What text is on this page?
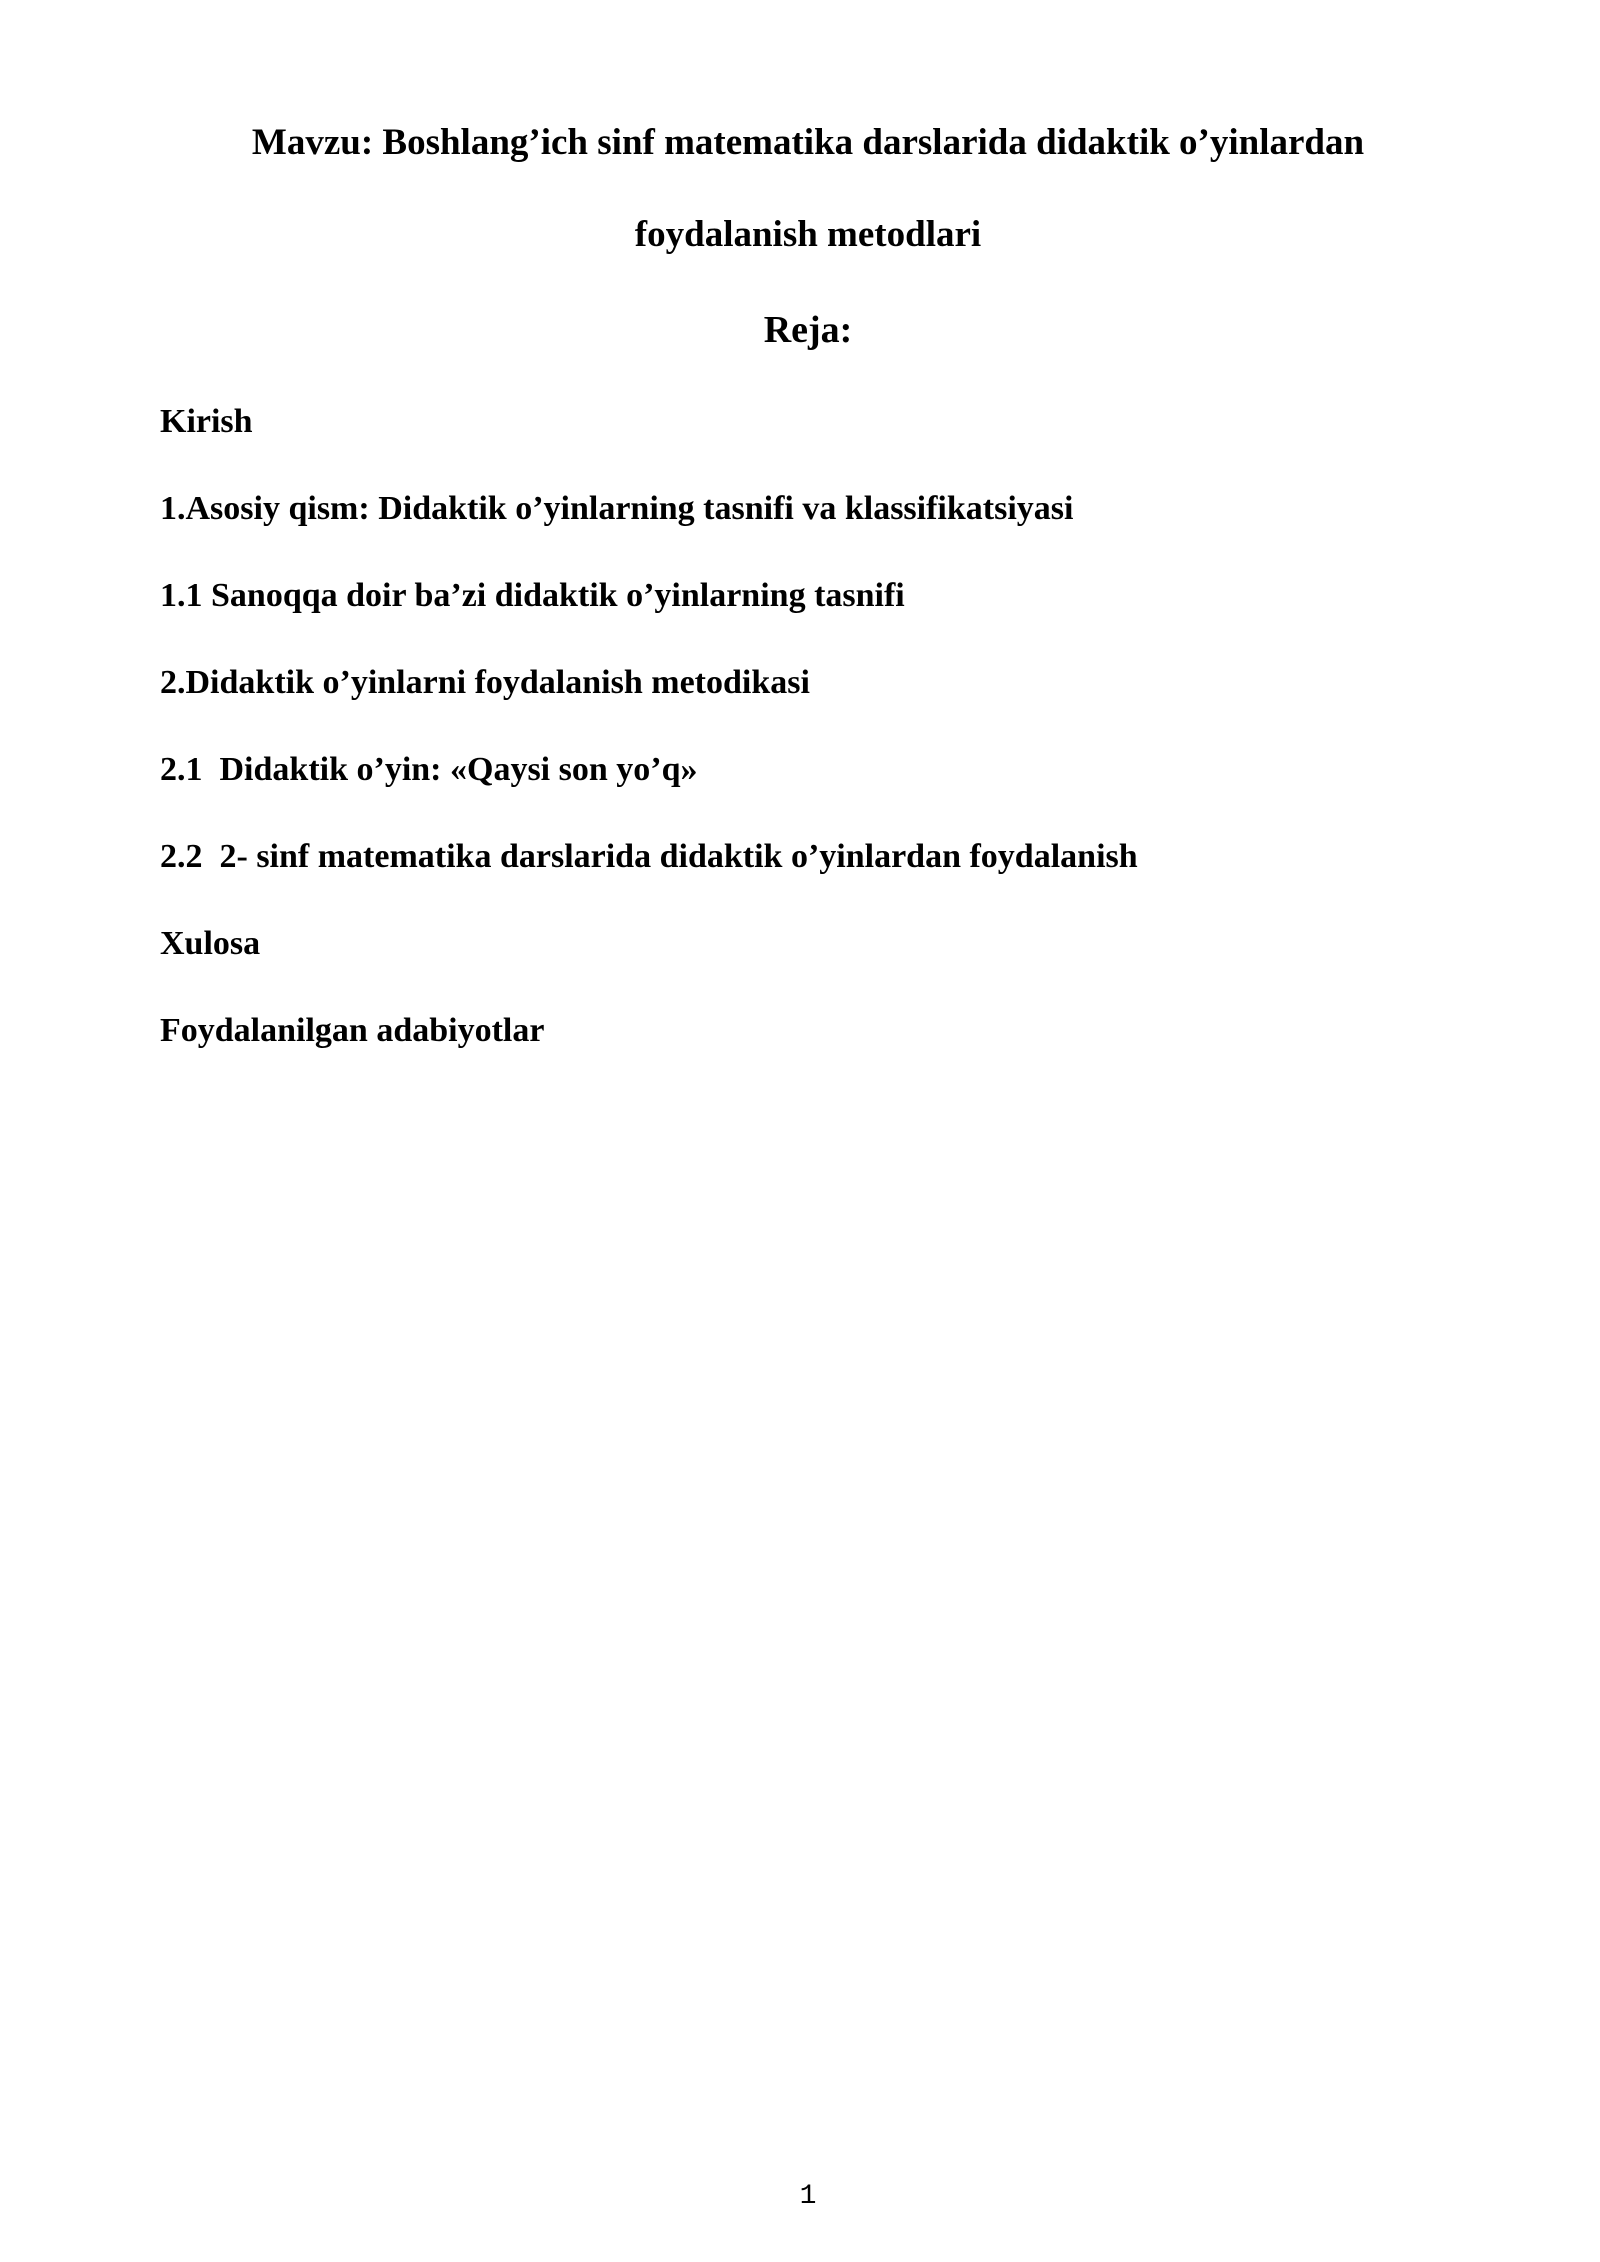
Mavzu: Boshlang’ich sinf matematika darslarida didaktik o’yinlardan
foydalanish metodlari
Reja:
Kirish
1.Asosiy qism: Didaktik o’yinlarning tasnifi va klassifikatsiyasi
1.1 Sanoqqa doir ba’zi didaktik o’yinlarning tasnifi
2.Didaktik o’yinlarni foydalanish metodikasi
2.1  Didaktik o’yin: «Qaysi son yo’q»
2.2  2- sinf matematika darslarida didaktik o’yinlardan foydalanish
Xulosa
Foydalanilgan adabiyotlar
1
